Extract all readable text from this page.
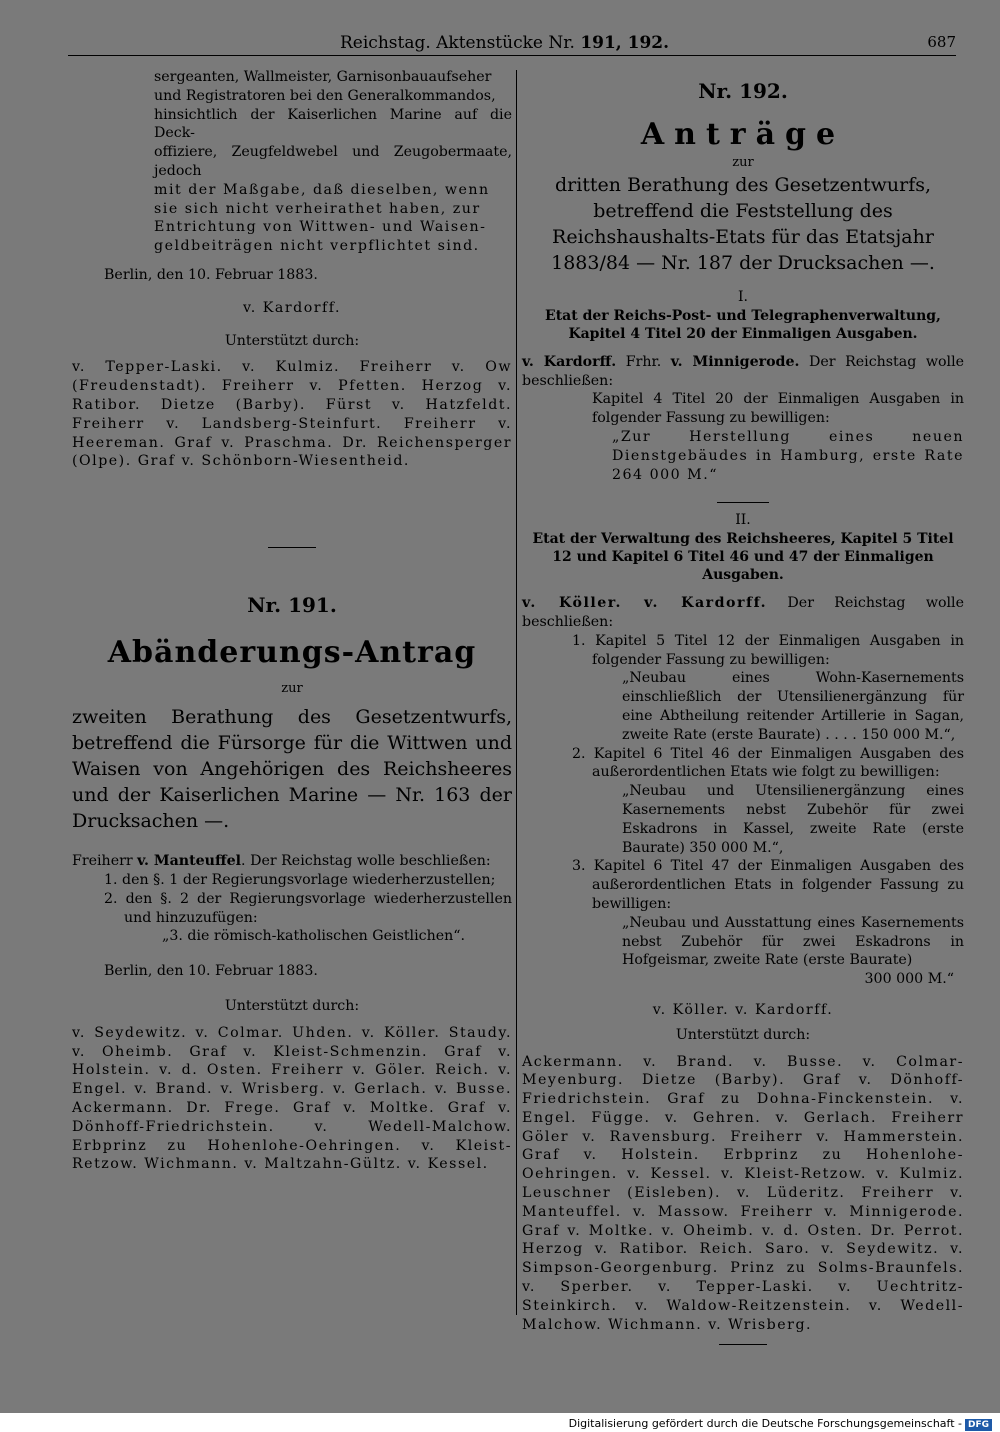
Reichstag. Aktenstücke Nr. 191, 192.	687

sergeanten, Wallmeister, Garnisonbauaufseher

und Registratoren bei den Generalkommandos,

hinsichtlich der Kaiserlichen Marine auf die Deck-

offiziere, Zeugfeldwebel und Zeugobermaate, jedoch

mit der Maßgabe, daß dieselben, wenn

sie sich nicht verheirathet haben, zur

Entrichtung von Wittwen- und Waisen-

geldbeiträgen nicht verpflichtet sind.

Berlin, den 10. Februar 1883.

v. Kardorff.

Unterstützt durch:

v. Tepper-Laski. v. Kulmiz. Freiherr v. Ow (Freudenstadt). Freiherr v. Pfetten. Herzog v. Ratibor. Dietze (Barby). Fürst v. Hatzfeldt. Freiherr v. Landsberg-Steinfurt. Freiherr v. Heereman. Graf v. Praschma. Dr. Reichensperger (Olpe). Graf v. Schönborn-Wiesentheid.

Nr. 191.

Abänderungs-Antrag

zur

zweiten Berathung des Gesetzentwurfs, betreffend die Fürsorge für die Wittwen und Waisen von Angehörigen des Reichsheeres und der Kaiserlichen Marine — Nr. 163 der Drucksachen —.

Freiherr v. Manteuffel. Der Reichstag wolle beschließen:

1. den §. 1 der Regierungsvorlage wiederherzustellen;

2. den §. 2 der Regierungsvorlage wiederherzustellen und hinzuzufügen:

„3. die römisch-katholischen Geistlichen“.

Berlin, den 10. Februar 1883.

Unterstützt durch:

v. Seydewitz. v. Colmar. Uhden. v. Köller. Staudy. v. Oheimb. Graf v. Kleist-Schmenzin. Graf v. Holstein. v. d. Osten. Freiherr v. Göler. Reich. v. Engel. v. Brand. v. Wrisberg. v. Gerlach. v. Busse. Ackermann. Dr. Frege. Graf v. Moltke. Graf v. Dönhoff-Friedrichstein. v. Wedell-Malchow. Erbprinz zu Hohenlohe-Oehringen. v. Kleist-Retzow. Wichmann. v. Maltzahn-Gültz. v. Kessel.

Nr. 192.

Anträge

zur

dritten Berathung des Gesetzentwurfs, betreffend die Feststellung des Reichshaushalts-Etats für das Etatsjahr 1883/84 — Nr. 187 der Drucksachen —.

I.

Etat der Reichs-Post- und Telegraphenverwaltung, Kapitel 4 Titel 20 der Einmaligen Ausgaben.

v. Kardorff. Frhr. v. Minnigerode. Der Reichstag wolle beschließen:

Kapitel 4 Titel 20 der Einmaligen Ausgaben in folgender Fassung zu bewilligen:

„Zur Herstellung eines neuen Dienstgebäudes in Hamburg, erste Rate 264 000 M.“

II.

Etat der Verwaltung des Reichsheeres, Kapitel 5 Titel 12 und Kapitel 6 Titel 46 und 47 der Einmaligen Ausgaben.

v. Köller. v. Kardorff. Der Reichstag wolle beschließen:

1. Kapitel 5 Titel 12 der Einmaligen Ausgaben in folgender Fassung zu bewilligen:

„Neubau eines Wohn-Kasernements einschließlich der Utensilienergänzung für eine Abtheilung reitender Artillerie in Sagan, zweite Rate (erste Baurate) . . . . 150 000 M.“,

2. Kapitel 6 Titel 46 der Einmaligen Ausgaben des außerordentlichen Etats wie folgt zu bewilligen:

„Neubau und Utensilienergänzung eines Kasernements nebst Zubehör für zwei Eskadrons in Kassel, zweite Rate (erste Baurate) 350 000 M.“,

3. Kapitel 6 Titel 47 der Einmaligen Ausgaben des außerordentlichen Etats in folgender Fassung zu bewilligen:

„Neubau und Ausstattung eines Kasernements nebst Zubehör für zwei Eskadrons in Hofgeismar, zweite Rate (erste Baurate)

300 000 M.“

v. Köller. v. Kardorff.

Unterstützt durch:

Ackermann. v. Brand. v. Busse. v. Colmar-Meyenburg. Dietze (Barby). Graf v. Dönhoff-Friedrichstein. Graf zu Dohna-Finckenstein. v. Engel. Függe. v. Gehren. v. Gerlach. Freiherr Göler v. Ravensburg. Freiherr v. Hammerstein. Graf v. Holstein. Erbprinz zu Hohenlohe-Oehringen. v. Kessel. v. Kleist-Retzow. v. Kulmiz. Leuschner (Eisleben). v. Lüderitz. Freiherr v. Manteuffel. v. Massow. Freiherr v. Minnigerode. Graf v. Moltke. v. Oheimb. v. d. Osten. Dr. Perrot. Herzog v. Ratibor. Reich. Saro. v. Seydewitz. v. Simpson-Georgenburg. Prinz zu Solms-Braunfels. v. Sperber. v. Tepper-Laski. v. Uechtritz-Steinkirch. v. Waldow-Reitzenstein. v. Wedell-Malchow. Wichmann. v. Wrisberg.

Digitalisierung gefördert durch die Deutsche Forschungsgemeinschaft - DFG
